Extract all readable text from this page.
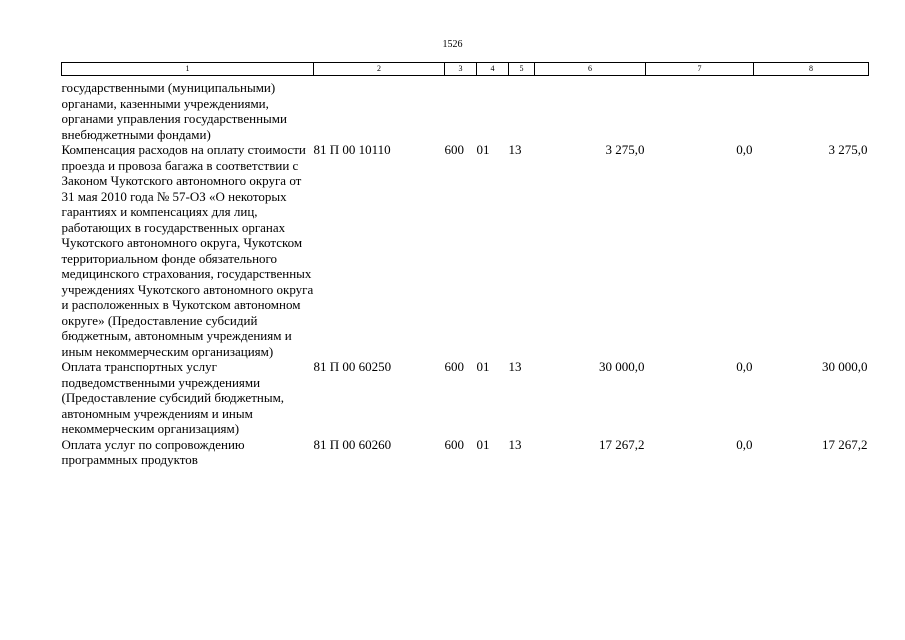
1526
1	2	3	4	5	6	7	8
государственными (муниципальными) органами, казенными учреждениями, органами управления государственными внебюджетными фондами)							
Компенсация расходов на оплату стоимости проезда и провоза багажа в соответствии с Законом Чукотского автономного округа от 31 мая 2010 года № 57-ОЗ «О некоторых гарантиях и компенсациях для лиц, работающих в государственных органах Чукотского автономного округа, Чукотском территориальном фонде обязательного медицинского страхования, государственных учреждениях Чукотского автономного округа и расположенных в Чукотском автономном округе» (Предоставление субсидий бюджетным, автономным учреждениям и иным некоммерческим организациям)	81 П 00 10110	600	01	13	3 275,0	0,0	3 275,0
Оплата транспортных услуг подведомственными учреждениями (Предоставление субсидий бюджетным, автономным учреждениям и иным некоммерческим организациям)	81 П 00 60250	600	01	13	30 000,0	0,0	30 000,0
Оплата услуг по сопровождению программных продуктов	81 П 00 60260	600	01	13	17 267,2	0,0	17 267,2
